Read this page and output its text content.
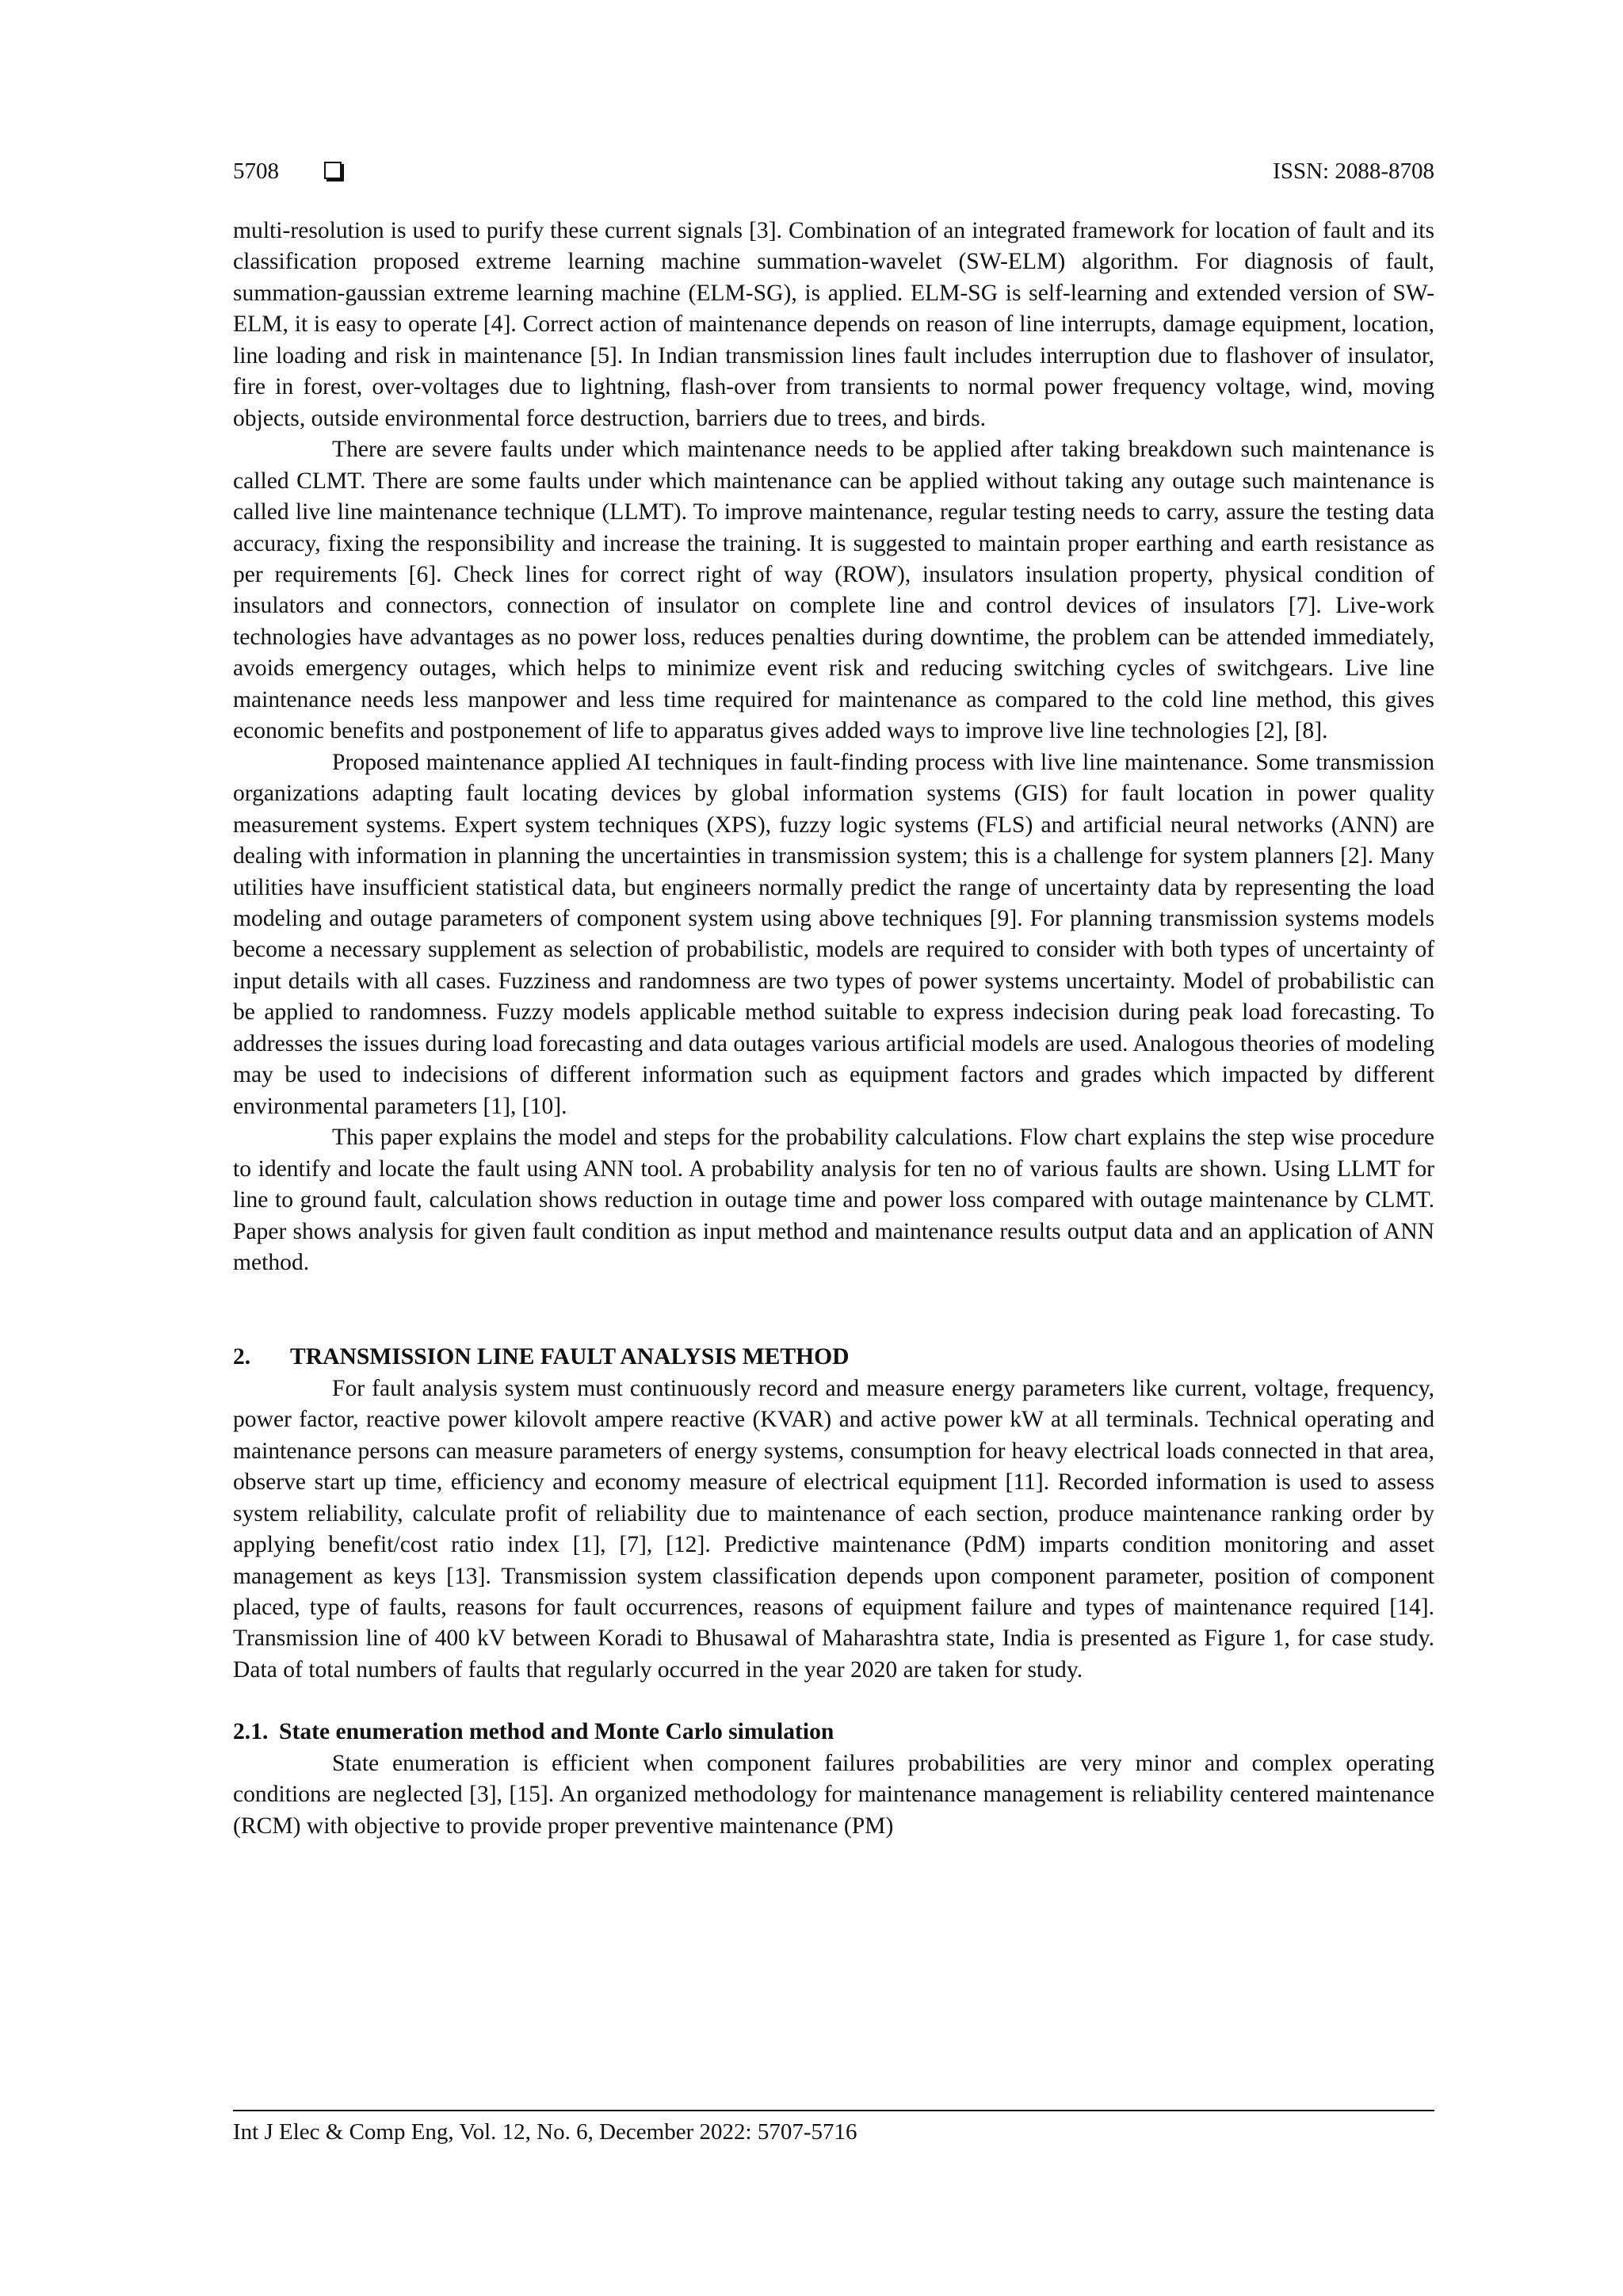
5708	ISSN: 2088-8708

multi-resolution is used to purify these current signals [3]. Combination of an integrated framework for location of fault and its classification proposed extreme learning machine summation-wavelet (SW-ELM) algorithm. For diagnosis of fault, summation-gaussian extreme learning machine (ELM-SG), is applied. ELM-SG is self-learning and extended version of SW-ELM, it is easy to operate [4]. Correct action of maintenance depends on reason of line interrupts, damage equipment, location, line loading and risk in maintenance [5]. In Indian transmission lines fault includes interruption due to flashover of insulator, fire in forest, over-voltages due to lightning, flash-over from transients to normal power frequency voltage, wind, moving objects, outside environmental force destruction, barriers due to trees, and birds.

There are severe faults under which maintenance needs to be applied after taking breakdown such maintenance is called CLMT. There are some faults under which maintenance can be applied without taking any outage such maintenance is called live line maintenance technique (LLMT). To improve maintenance, regular testing needs to carry, assure the testing data accuracy, fixing the responsibility and increase the training. It is suggested to maintain proper earthing and earth resistance as per requirements [6]. Check lines for correct right of way (ROW), insulators insulation property, physical condition of insulators and connectors, connection of insulator on complete line and control devices of insulators [7]. Live-work technologies have advantages as no power loss, reduces penalties during downtime, the problem can be attended immediately, avoids emergency outages, which helps to minimize event risk and reducing switching cycles of switchgears. Live line maintenance needs less manpower and less time required for maintenance as compared to the cold line method, this gives economic benefits and postponement of life to apparatus gives added ways to improve live line technologies [2], [8].

Proposed maintenance applied AI techniques in fault-finding process with live line maintenance. Some transmission organizations adapting fault locating devices by global information systems (GIS) for fault location in power quality measurement systems. Expert system techniques (XPS), fuzzy logic systems (FLS) and artificial neural networks (ANN) are dealing with information in planning the uncertainties in transmission system; this is a challenge for system planners [2]. Many utilities have insufficient statistical data, but engineers normally predict the range of uncertainty data by representing the load modeling and outage parameters of component system using above techniques [9]. For planning transmission systems models become a necessary supplement as selection of probabilistic, models are required to consider with both types of uncertainty of input details with all cases. Fuzziness and randomness are two types of power systems uncertainty. Model of probabilistic can be applied to randomness. Fuzzy models applicable method suitable to express indecision during peak load forecasting. To addresses the issues during load forecasting and data outages various artificial models are used. Analogous theories of modeling may be used to indecisions of different information such as equipment factors and grades which impacted by different environmental parameters [1], [10].

This paper explains the model and steps for the probability calculations. Flow chart explains the step wise procedure to identify and locate the fault using ANN tool. A probability analysis for ten no of various faults are shown. Using LLMT for line to ground fault, calculation shows reduction in outage time and power loss compared with outage maintenance by CLMT. Paper shows analysis for given fault condition as input method and maintenance results output data and an application of ANN method.

2.	TRANSMISSION LINE FAULT ANALYSIS METHOD

For fault analysis system must continuously record and measure energy parameters like current, voltage, frequency, power factor, reactive power kilovolt ampere reactive (KVAR) and active power kW at all terminals. Technical operating and maintenance persons can measure parameters of energy systems, consumption for heavy electrical loads connected in that area, observe start up time, efficiency and economy measure of electrical equipment [11]. Recorded information is used to assess system reliability, calculate profit of reliability due to maintenance of each section, produce maintenance ranking order by applying benefit/cost ratio index [1], [7], [12]. Predictive maintenance (PdM) imparts condition monitoring and asset management as keys [13]. Transmission system classification depends upon component parameter, position of component placed, type of faults, reasons for fault occurrences, reasons of equipment failure and types of maintenance required [14]. Transmission line of 400 kV between Koradi to Bhusawal of Maharashtra state, India is presented as Figure 1, for case study. Data of total numbers of faults that regularly occurred in the year 2020 are taken for study.

2.1. State enumeration method and Monte Carlo simulation

State enumeration is efficient when component failures probabilities are very minor and complex operating conditions are neglected [3], [15]. An organized methodology for maintenance management is reliability centered maintenance (RCM) with objective to provide proper preventive maintenance (PM)

Int J Elec & Comp Eng, Vol. 12, No. 6, December 2022: 5707-5716
